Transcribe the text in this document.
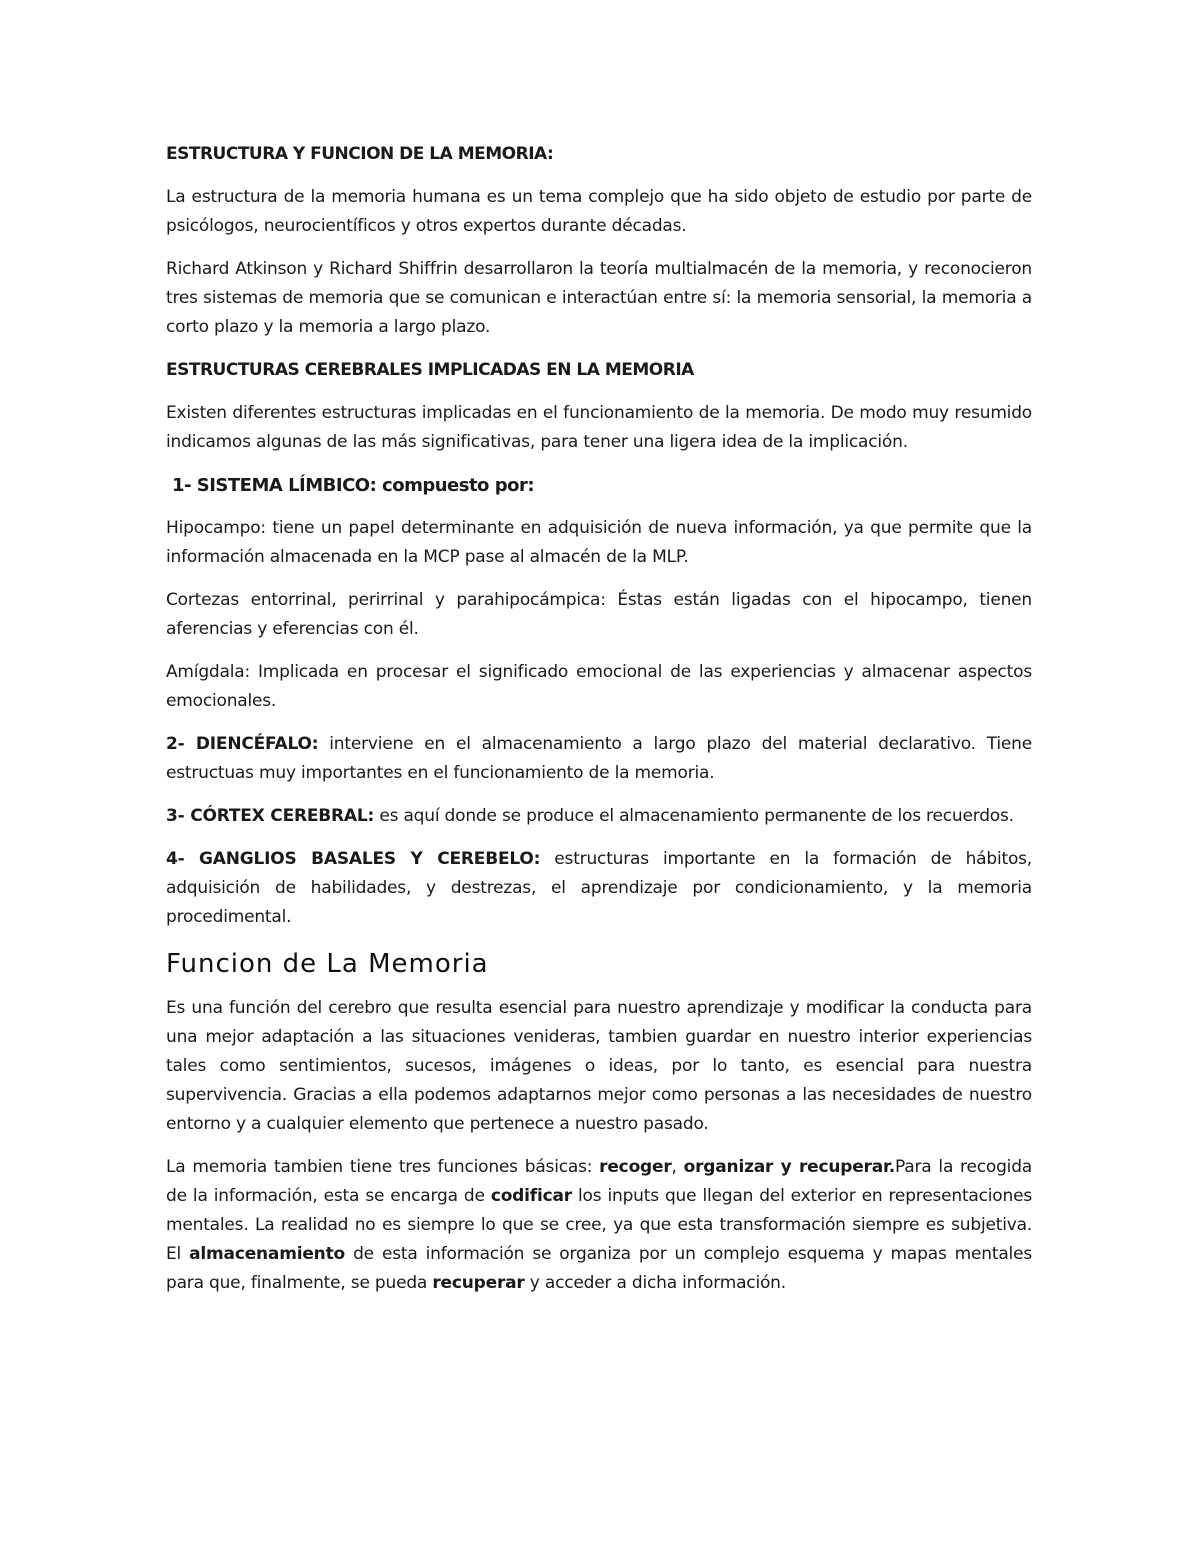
ESTRUCTURA Y FUNCION DE LA MEMORIA:

La estructura de la memoria humana es un tema complejo que ha sido objeto de estudio por parte de psicólogos, neurocientíficos y otros expertos durante décadas.

Richard Atkinson y Richard Shiffrin desarrollaron la teoría multialmacén de la memoria, y reconocieron tres sistemas de memoria que se comunican e interactúan entre sí: la memoria sensorial, la memoria a corto plazo y la memoria a largo plazo.

ESTRUCTURAS CEREBRALES IMPLICADAS EN LA MEMORIA

Existen diferentes estructuras implicadas en el funcionamiento de la memoria. De modo muy resumido indicamos algunas de las más significativas, para tener una ligera idea de la implicación.

1- SISTEMA LÍMBICO: compuesto por:

Hipocampo: tiene un papel determinante en adquisición de nueva información, ya que permite que la información almacenada en la MCP pase al almacén de la MLP.

Cortezas entorrinal, perirrinal y parahipocámpica: Éstas están ligadas con el hipocampo, tienen aferencias y eferencias con él.

Amígdala: Implicada en procesar el significado emocional de las experiencias y almacenar aspectos emocionales.

2- DIENCÉFALO: interviene en el almacenamiento a largo plazo del material declarativo. Tiene estructuas muy importantes en el funcionamiento de la memoria.

3- CÓRTEX CEREBRAL: es aquí donde se produce el almacenamiento permanente de los recuerdos.

4- GANGLIOS BASALES Y CEREBELO: estructuras importante en la formación de hábitos, adquisición de habilidades, y destrezas, el aprendizaje por condicionamiento, y la memoria procedimental.

Funcion de La Memoria

Es una función del cerebro que resulta esencial para nuestro aprendizaje y modificar la conducta para una mejor adaptación a las situaciones venideras, tambien guardar en nuestro interior experiencias tales como sentimientos, sucesos, imágenes o ideas, por lo tanto, es esencial para nuestra supervivencia. Gracias a ella podemos adaptarnos mejor como personas a las necesidades de nuestro entorno y a cualquier elemento que pertenece a nuestro pasado.

La memoria tambien tiene tres funciones básicas: recoger, organizar y recuperar.Para la recogida de la información, esta se encarga de codificar los inputs que llegan del exterior en representaciones mentales. La realidad no es siempre lo que se cree, ya que esta transformación siempre es subjetiva. El almacenamiento de esta información se organiza por un complejo esquema y mapas mentales para que, finalmente, se pueda recuperar y acceder a dicha información.
